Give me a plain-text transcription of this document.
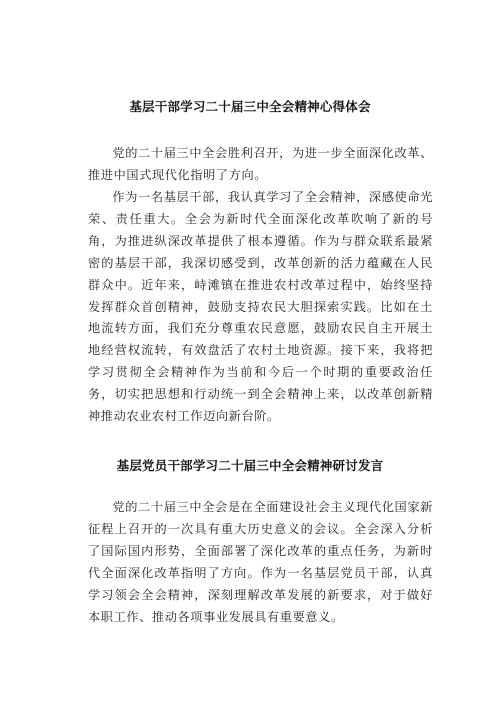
基层干部学习二十届三中全会精神心得体会

党的二十届三中全会胜利召开，为进一步全面深化改革、推进中国式现代化指明了方向。

作为一名基层干部，我认真学习了全会精神，深感使命光荣、责任重大。全会为新时代全面深化改革吹响了新的号角，为推进纵深改革提供了根本遵循。作为与群众联系最紧密的基层干部，我深切感受到，改革创新的活力蕴藏在人民群众中。近年来，峙滩镇在推进农村改革过程中，始终坚持发挥群众首创精神，鼓励支持农民大胆探索实践。比如在土地流转方面，我们充分尊重农民意愿，鼓励农民自主开展土地经营权流转，有效盘活了农村土地资源。接下来，我将把学习贯彻全会精神作为当前和今后一个时期的重要政治任务，切实把思想和行动统一到全会精神上来，以改革创新精神推动农业农村工作迈向新台阶。

基层党员干部学习二十届三中全会精神研讨发言

党的二十届三中全会是在全面建设社会主义现代化国家新征程上召开的一次具有重大历史意义的会议。全会深入分析了国际国内形势，全面部署了深化改革的重点任务，为新时代全面深化改革指明了方向。作为一名基层党员干部，认真学习领会全会精神，深刻理解改革发展的新要求，对于做好本职工作、推动各项事业发展具有重要意义。
